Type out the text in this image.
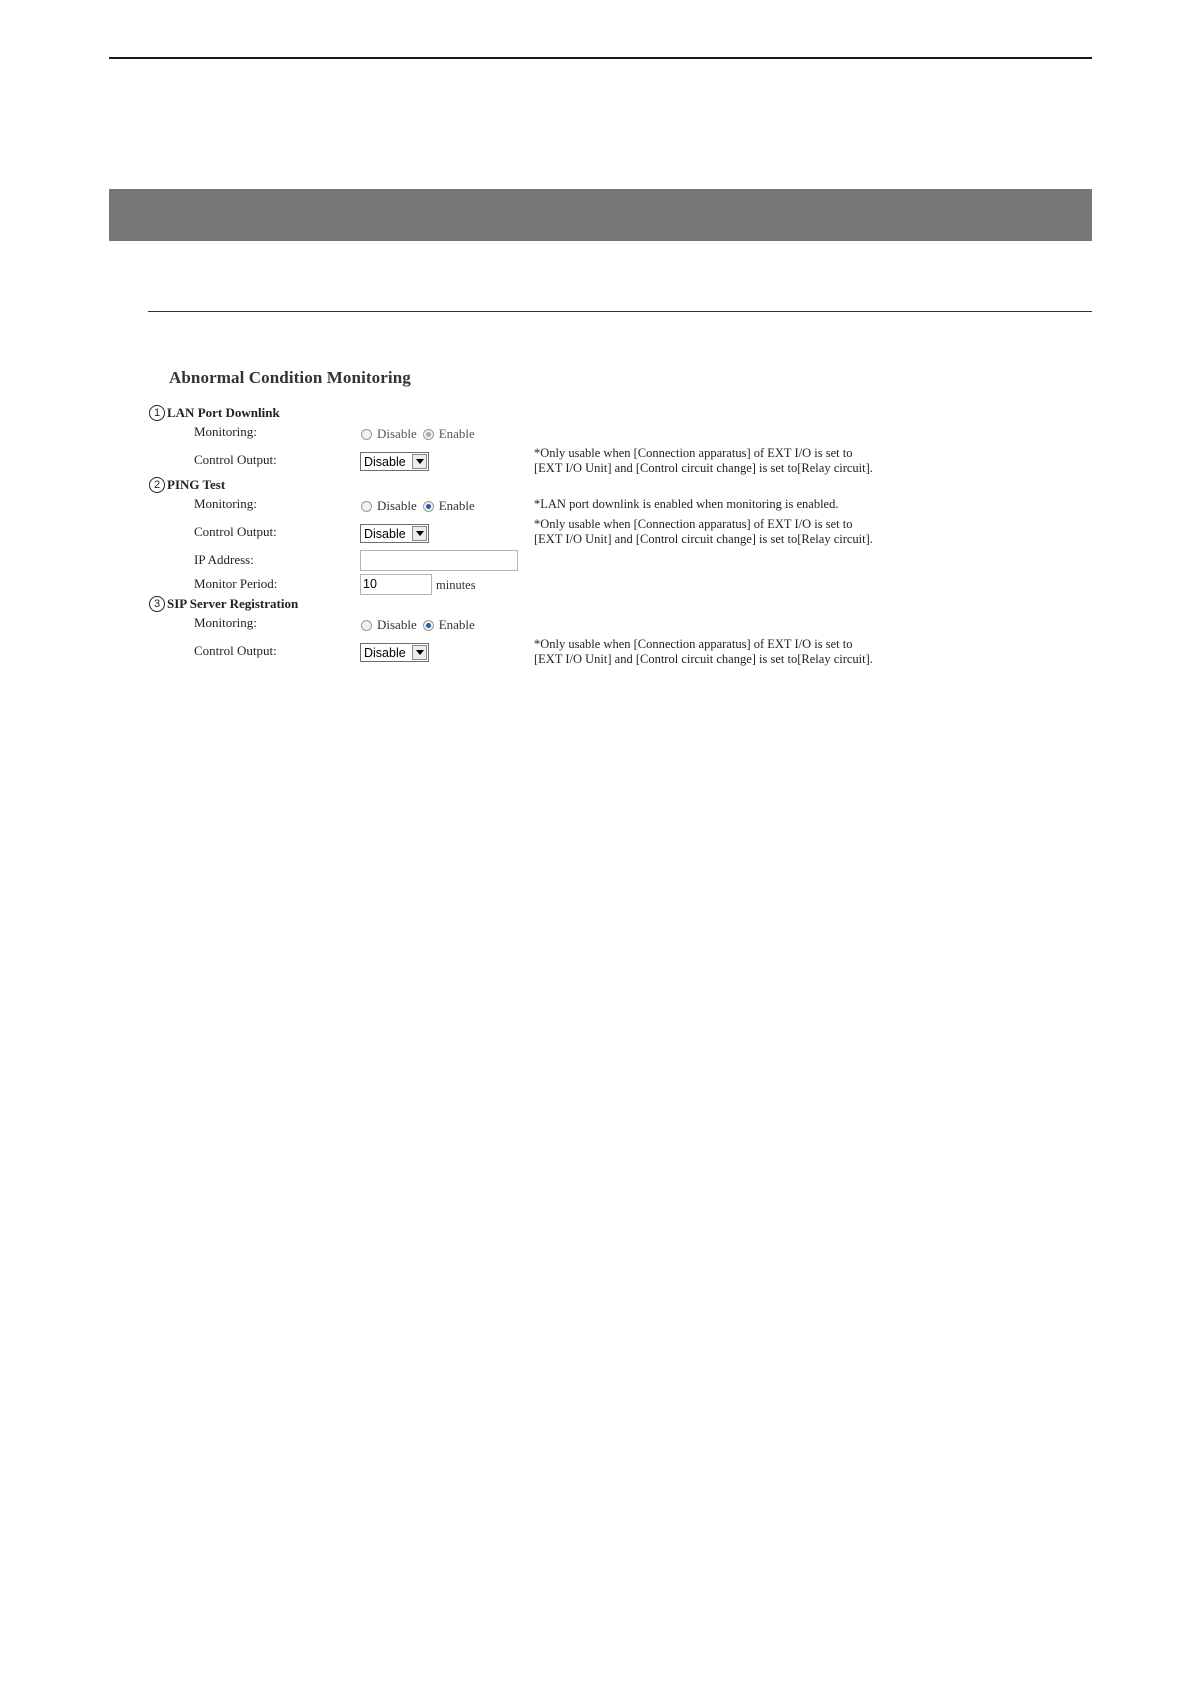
Abnormal Condition Monitoring
1 LAN Port Downlink
Monitoring:	Disable Enable
Control Output:	Disable
*Only usable when [Connection apparatus] of EXT I/O is set to
[EXT I/O Unit] and [Control circuit change] is set to[Relay circuit].
2 PING Test
Monitoring:	Disable Enable	*LAN port downlink is enabled when monitoring is enabled.
Control Output:	Disable
*Only usable when [Connection apparatus] of EXT I/O is set to
[EXT I/O Unit] and [Control circuit change] is set to[Relay circuit].
IP Address:
Monitor Period:	10	minutes
3 SIP Server Registration
Monitoring:	Disable Enable
Control Output:	Disable
*Only usable when [Connection apparatus] of EXT I/O is set to
[EXT I/O Unit] and [Control circuit change] is set to[Relay circuit].
